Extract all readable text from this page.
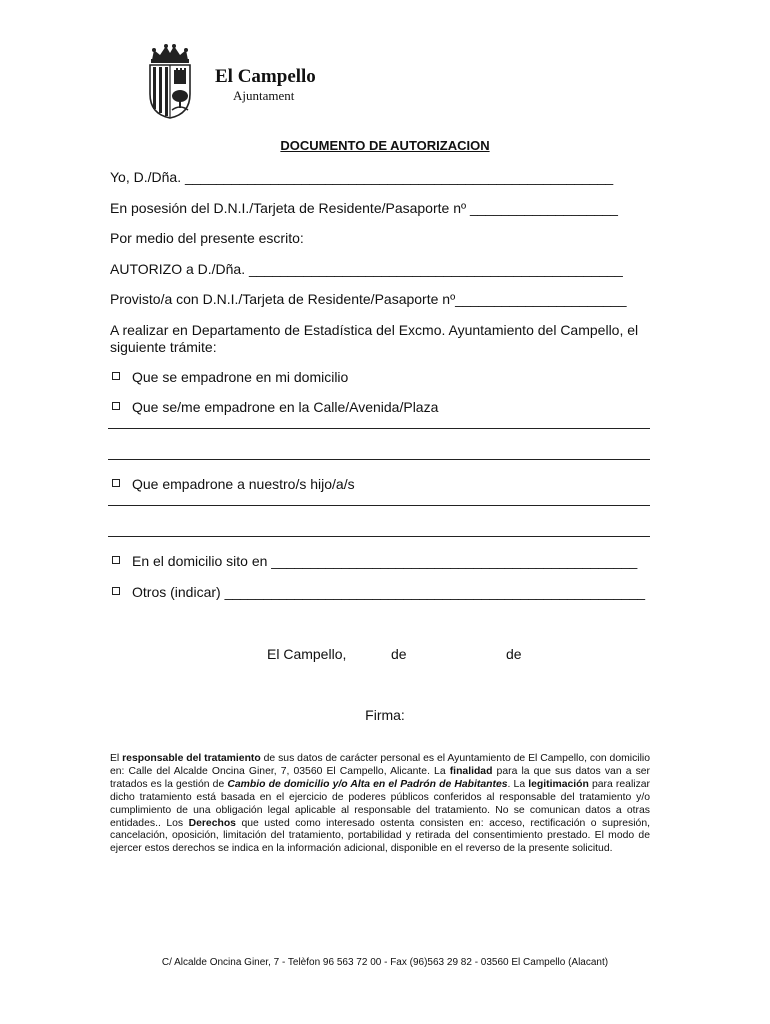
El Campello
Ajuntament
DOCUMENTO DE AUTORIZACION
Yo, D./Dña. _______________________________________________________
En posesión del D.N.I./Tarjeta de Residente/Pasaporte nº ___________________
Por medio del presente escrito:
AUTORIZO a D./Dña. ________________________________________________
Provisto/a con D.N.I./Tarjeta de Residente/Pasaporte nº______________________
A realizar en Departamento de Estadística del Excmo. Ayuntamiento del Campello, el siguiente trámite:
Que se empadrone en mi domicilio
Que se/me empadrone en la Calle/Avenida/Plaza
Que empadrone a nuestro/s hijo/a/s
En el domicilio sito en _______________________________________________
Otros (indicar) ______________________________________________________
El Campello,	de	de
Firma:
El responsable del tratamiento de sus datos de carácter personal es el Ayuntamiento de El Campello, con domicilio en: Calle del Alcalde Oncina Giner, 7, 03560 El Campello, Alicante. La finalidad para la que sus datos van a ser tratados es la gestión de Cambio de domicilio y/o Alta en el Padrón de Habitantes. La legitimación para realizar dicho tratamiento está basada en el ejercicio de poderes públicos conferidos al responsable del tratamiento y/o cumplimiento de una obligación legal aplicable al responsable del tratamiento. No se comunican datos a otras entidades.. Los Derechos que usted como interesado ostenta consisten en: acceso, rectificación o supresión, cancelación, oposición, limitación del tratamiento, portabilidad y retirada del consentimiento prestado. El modo de ejercer estos derechos se indica en la información adicional, disponible en el reverso de la presente solicitud.
C/ Alcalde Oncina Giner, 7 - Telèfon 96 563 72 00 - Fax (96)563 29 82 - 03560 El Campello (Alacant)
